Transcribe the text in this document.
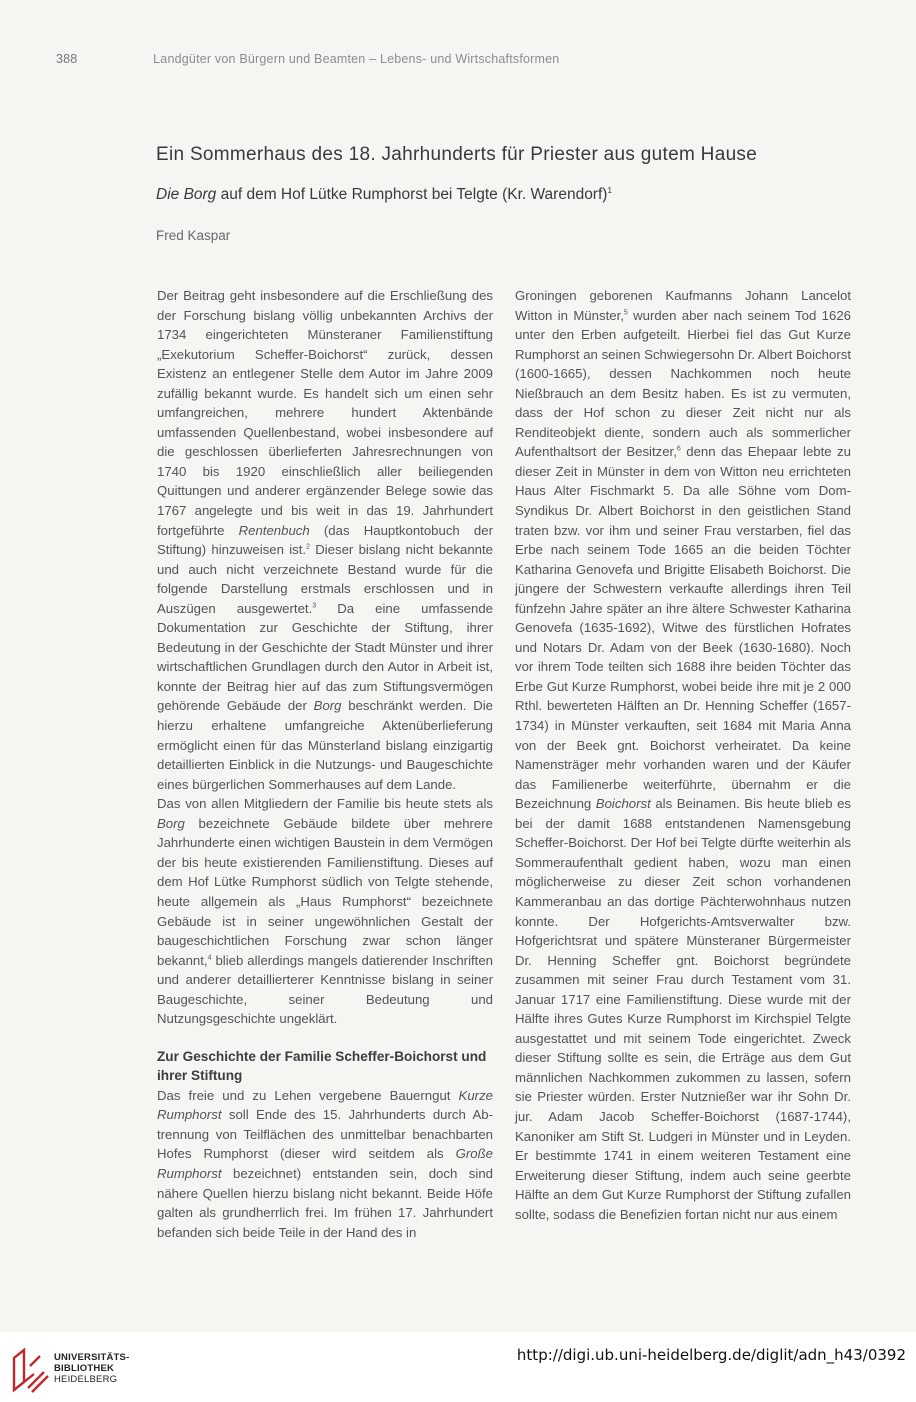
388	Landgüter von Bürgern und Beamten – Lebens- und Wirtschaftsformen
Ein Sommerhaus des 18. Jahrhunderts für Priester aus gutem Hause
Die Borg auf dem Hof Lütke Rumphorst bei Telgte (Kr. Warendorf)$^1$
Fred Kaspar

Der Beitrag geht insbesondere auf die Erschließung des der Forschung bislang völlig unbekannten Archivs der 1734 eingerichteten Münsteraner Familienstiftung „Exekutorium Scheffer-Boichorst“ zurück, dessen Existenz an entlegener Stelle dem Autor im Jahre 2009 zufällig bekannt wurde. Es handelt sich um einen sehr umfangreichen, mehrere hundert Aktenbände umfassenden Quellenbestand, wobei insbesondere auf die geschlossen überlieferten Jahresrechnungen von 1740 bis 1920 einschließlich aller beiliegenden Quittungen und anderer ergänzender Belege sowie das 1767 angelegte und bis weit in das 19. Jahrhundert fortgeführte Rentenbuch (das Hauptkontobuch der Stiftung) hinzuweisen ist.$^2$ Dieser bislang nicht bekannte und auch nicht verzeichnete Bestand wurde für die folgende Darstellung erstmals erschlossen und in Auszügen ausgewertet.$^3$ Da eine umfassende Dokumentation zur Geschichte der Stiftung, ihrer Bedeutung in der Geschichte der Stadt Münster und ihrer wirtschaftlichen Grundlagen durch den Autor in Arbeit ist, konnte der Beitrag hier auf das zum Stiftungsvermögen gehörende Gebäude der Borg beschränkt werden. Die hierzu erhaltene umfangreiche Aktenüberlieferung ermöglicht einen für das Münsterland bislang einzigartig detaillierten Einblick in die Nutzungs- und Baugeschichte eines bürgerlichen Sommerhauses auf dem Lande.

Das von allen Mitgliedern der Familie bis heute stets als Borg bezeichnete Gebäude bildete über mehrere Jahrhunderte einen wichtigen Baustein in dem Vermögen der bis heute existierenden Familienstiftung. Dieses auf dem Hof Lütke Rumphorst südlich von Telgte stehende, heute allgemein als „Haus Rumphorst“ bezeichnete Gebäude ist in seiner ungewöhnlichen Gestalt der baugeschichtlichen Forschung zwar schon länger bekannt,$^4$ blieb allerdings mangels datierender Inschriften und anderer detaillierterer Kenntnisse bislang in seiner Baugeschichte, seiner Bedeutung und Nutzungsgeschichte ungeklärt.

Zur Geschichte der Familie Scheffer-Boichorst und ihrer Stiftung

Das freie und zu Lehen vergebene Bauerngut Kurze Rumphorst soll Ende des 15. Jahrhunderts durch Abtrennung von Teilflächen des unmittelbar benachbarten Hofes Rumphorst (dieser wird seitdem als Große Rumphorst bezeichnet) entstanden sein, doch sind nähere Quellen hierzu bislang nicht bekannt. Beide Höfe galten als grundherrlich frei. Im frühen 17. Jahrhundert befanden sich beide Teile in der Hand des in

Groningen geborenen Kaufmanns Johann Lancelot Witton in Münster,$^5$ wurden aber nach seinem Tod 1626 unter den Erben aufgeteilt. Hierbei fiel das Gut Kurze Rumphorst an seinen Schwiegersohn Dr. Albert Boichorst (1600-1665), dessen Nachkommen noch heute Nießbrauch an dem Besitz haben. Es ist zu vermuten, dass der Hof schon zu dieser Zeit nicht nur als Renditeobjekt diente, sondern auch als sommerlicher Aufenthaltsort der Besitzer,$^6$ denn das Ehepaar lebte zu dieser Zeit in Münster in dem von Witton neu errichteten Haus Alter Fischmarkt 5. Da alle Söhne vom Dom-Syndikus Dr. Albert Boichorst in den geistlichen Stand traten bzw. vor ihm und seiner Frau verstarben, fiel das Erbe nach seinem Tode 1665 an die beiden Töchter Katharina Genovefa und Brigitte Elisabeth Boichorst. Die jüngere der Schwestern verkaufte allerdings ihren Teil fünfzehn Jahre später an ihre ältere Schwester Katharina Genovefa (1635-1692), Witwe des fürstlichen Hofrates und Notars Dr. Adam von der Beek (1630-1680). Noch vor ihrem Tode teilten sich 1688 ihre beiden Töchter das Erbe Gut Kurze Rumphorst, wobei beide ihre mit je 2 000 Rthl. bewerteten Hälften an Dr. Henning Scheffer (1657-1734) in Münster verkauften, seit 1684 mit Maria Anna von der Beek gnt. Boichorst verheiratet. Da keine Namensträger mehr vorhanden waren und der Käufer das Familienerbe weiterführte, übernahm er die Bezeichnung Boichorst als Beinamen. Bis heute blieb es bei der damit 1688 entstandenen Namensgebung Scheffer-Boichorst. Der Hof bei Telgte dürfte weiterhin als Sommeraufenthalt gedient haben, wozu man einen möglicherweise zu dieser Zeit schon vorhandenen Kammeranbau an das dortige Pächterwohnhaus nutzen konnte. Der Hofgerichts-Amtsverwalter bzw. Hofgerichtsrat und spätere Münsteraner Bürgermeister Dr. Henning Scheffer gnt. Boichorst begründete zusammen mit seiner Frau durch Testament vom 31. Januar 1717 eine Familienstiftung. Diese wurde mit der Hälfte ihres Gutes Kurze Rumphorst im Kirchspiel Telgte ausgestattet und mit seinem Tode eingerichtet. Zweck dieser Stiftung sollte es sein, die Erträge aus dem Gut männlichen Nachkommen zukommen zu lassen, sofern sie Priester würden. Erster Nutznießer war ihr Sohn Dr. jur. Adam Jacob Scheffer-Boichorst (1687-1744), Kanoniker am Stift St. Ludgeri in Münster und in Leyden. Er bestimmte 1741 in einem weiteren Testament eine Erweiterung dieser Stiftung, indem auch seine geerbte Hälfte an dem Gut Kurze Rumphorst der Stiftung zufallen sollte, sodass die Benefizien fortan nicht nur aus einem

UNIVERSITÄTS-
BIBLIOTHEK
HEIDELBERG
http://digi.ub.uni-heidelberg.de/diglit/adn_h43/0392
